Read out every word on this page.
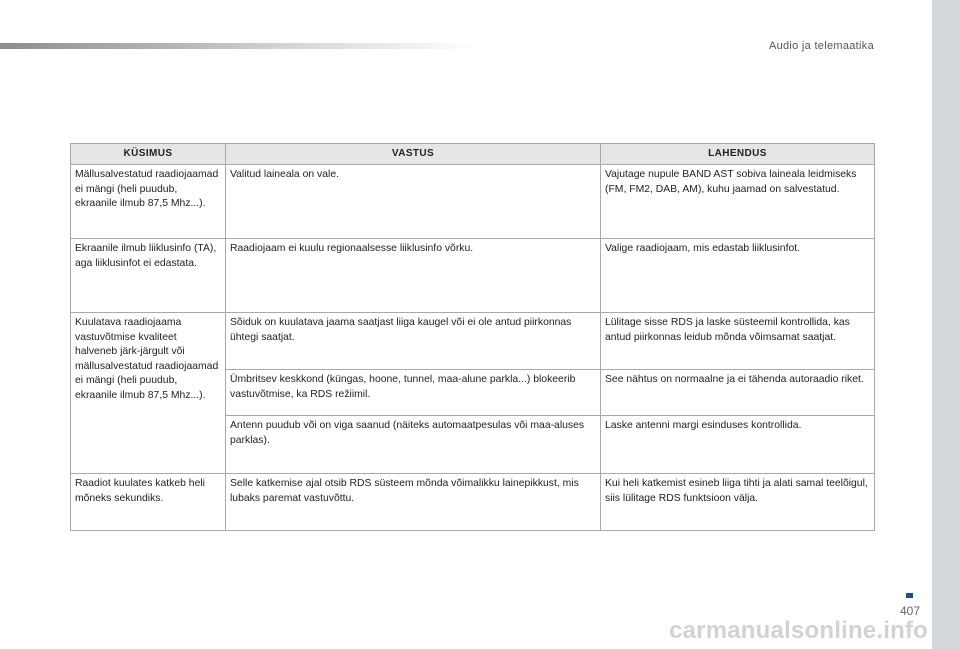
Audio ja telemaatika
KÜSIMUS	VASTUS	LAHENDUS
Mällusalvestatud raadiojaamad ei mängi (heli puudub, ekraanile ilmub 87,5 Mhz...).	Valitud laineala on vale.	Vajutage nupule BAND AST sobiva laineala leidmiseks (FM, FM2, DAB, AM), kuhu jaamad on salvestatud.
Ekraanile ilmub liiklusinfo (TA), aga liiklusinfot ei edastata.	Raadiojaam ei kuulu regionaalsesse liiklusinfo võrku.	Valige raadiojaam, mis edastab liiklusinfot.
Kuulatava raadiojaama vastuvõtmise kvaliteet halveneb järk-järgult või mällusalvestatud raadiojaamad ei mängi (heli puudub, ekraanile ilmub 87,5 Mhz...).	Sõiduk on kuulatava jaama saatjast liiga kaugel või ei ole antud piirkonnas ühtegi saatjat.	Lülitage sisse RDS ja laske süsteemil kontrollida, kas antud piirkonnas leidub mõnda võimsamat saatjat.
	Ümbritsev keskkond (küngas, hoone, tunnel, maa-alune parkla...) blokeerib vastuvõtmise, ka RDS režiimil.	See nähtus on normaalne ja ei tähenda autoraadio riket.
	Antenn puudub või on viga saanud (näiteks automaatpesulas või maa-aluses parklas).	Laske antenni margi esinduses kontrollida.
Raadiot kuulates katkeb heli mõneks sekundiks.	Selle katkemise ajal otsib RDS süsteem mõnda võimalikku lainepikkust, mis lubaks paremat vastuvõttu.	Kui heli katkemist esineb liiga tihti ja alati samal teelõigul, siis lülitage RDS funktsioon välja.
407
carmanualsonline.info
